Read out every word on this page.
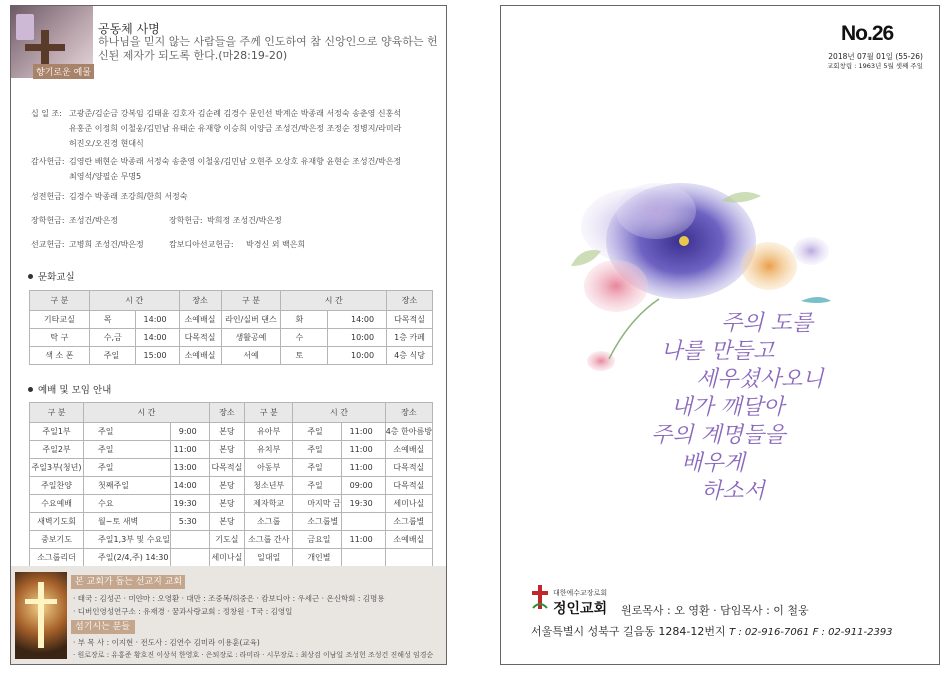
향기로운 예물
공동체 사명
하나님을 믿지 않는 사람들을 주께 인도하여 참 신앙인으로 양육하는 헌신된 제자가 되도록 한다.(마28:19-20)
십 일 조: 고광준/김순금 강복임 김태윤 김호자 김순례 김경수 문인선 박계순 박종래 서정숙 송춘영 신홍석
유홍준 이정희 이철웅/김민남 유태순 유재향 이승희 이양금 조성건/박은정 조정순 정병지/라미라
허진오/오진경 현대식
감사헌금: 김영란 배현순 박종래 서정숙 송춘영 이철웅/김민남 오현주 오상호 유재향 윤현순 조성건/박은정
최영석/양필순 무명5
성전헌금: 김경수 박종래 조강희/한희 서정숙
장학헌금: 조성건/박은정	장학헌금: 박희정 조성건/박은정
선교헌금: 고병희 조성건/박은정	캄보디아선교헌금: 박경신 외 백은희
문화교실
구 분	시 간		장소	구 분	시 간		장소
기타교실	목	14:00	소예배실	라인/실버 댄스	화	14:00	다목적실
탁 구	수,금	14:00	다목적실	생활공예	수	10:00	1층 카페
색 소 폰	주일	15:00	소예배실	서예	토	10:00	4층 식당
예배 및 모임 안내
구 분	시 간		장소	구 분	시 간		장소
주일1부	주일	9:00	본당	유아부	주일	11:00	4층 한아름방
주일2부	주일	11:00	본당	유치부	주일	11:00	소예배실
주일3부(청년)	주일	13:00	다목적실	아동부	주일	11:00	다목적실
주일찬양	첫째주일	14:00	본당	청소년부	주일	09:00	다목적실
수요예배	수요	19:30	본당	제자학교	마지막 금	19:30	세미나실
새벽기도회	월~토 새벽	5:30	본당	소그룹	소그룹별		소그룹별
중보기도	주일1,3부 및 수요일		기도실	소그룹 간사	금요일	11:00	소예배실
소그룹리더	주일(2/4,주) 14:30		세미나실	일대일	개인별		
본 교회가 돕는 선교지 교회
· 태국 : 김성곤 · 미얀마 : 오영환 · 대만 : 조중복/허중은 · 캄보디아 : 우세근 · 온신학회 : 김명용
· 디버인영성연구소 : 유재경 · 꿈과사랑교회 : 정창원 · T국 : 김영일
섬기시는 분들
· 부 목 사 : 이지현 · 전도사 : 김연수 김미라 이용훈(교육)
· 원로장로 : 유홍준 황호진 이상석 한영호 · 은퇴장로 : 라미라 · 시무장로 : 최상검 이남일 조성헌 조성건 진해성 임경순
No.26
2018년 07월 01일 (55-26)
교회창립 : 1963년 5월 셋째 주일
주의 도를
나를 만들고
세우셨사오니
내가 깨달아
주의 계명들을
배우게
하소서
대한예수교장로회
정인교회 원로목사 : 오 영환 · 담임목사 : 이 철웅
서울특별시 성북구 길음동 1284-12번지 T : 02-916-7061 F : 02-911-2393
